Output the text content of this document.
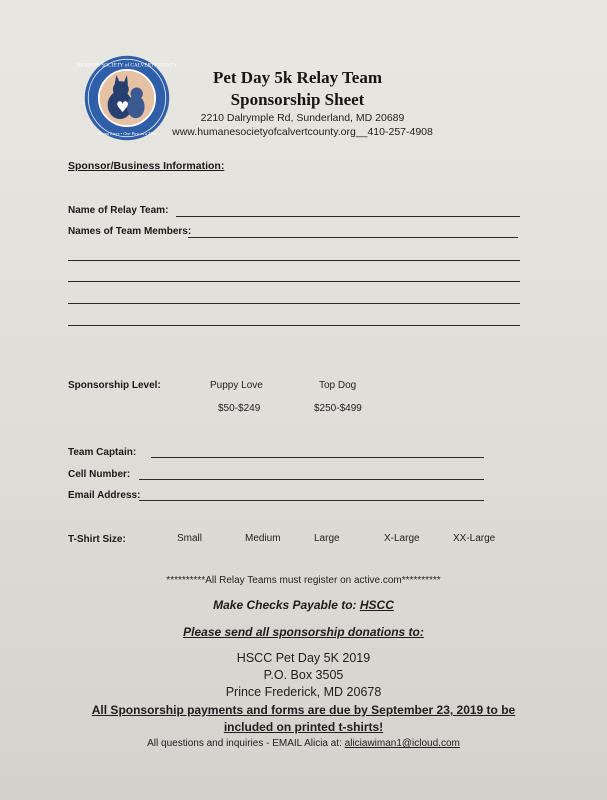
HUMANE SOCIETY of CALVERT COUNTY
Saving Lives • One Paw at a Time
Pet Day 5k Relay Team
Sponsorship Sheet
2210 Dalrymple Rd, Sunderland, MD 20689
www.humanesocietyofcalvertcounty.org__410-257-4908
Sponsor/Business Information:
Name of Relay Team:
Names of Team Members:
Sponsorship Level:	Puppy Love
$50-$249
Top Dog
$250-$499
Team Captain:
Cell Number:
Email Address:
T-Shirt Size:	Small	Medium	Large	X-Large	XX-Large
**********All Relay Teams must register on active.com**********
Make Checks Payable to: HSCC
Please send all sponsorship donations to:
HSCC Pet Day 5K 2019
P.O. Box 3505
Prince Frederick, MD 20678
All Sponsorship payments and forms are due by September 23, 2019 to be
included on printed t-shirts!
All questions and inquiries - EMAIL Alicia at: aliciawiman1@icloud.com
